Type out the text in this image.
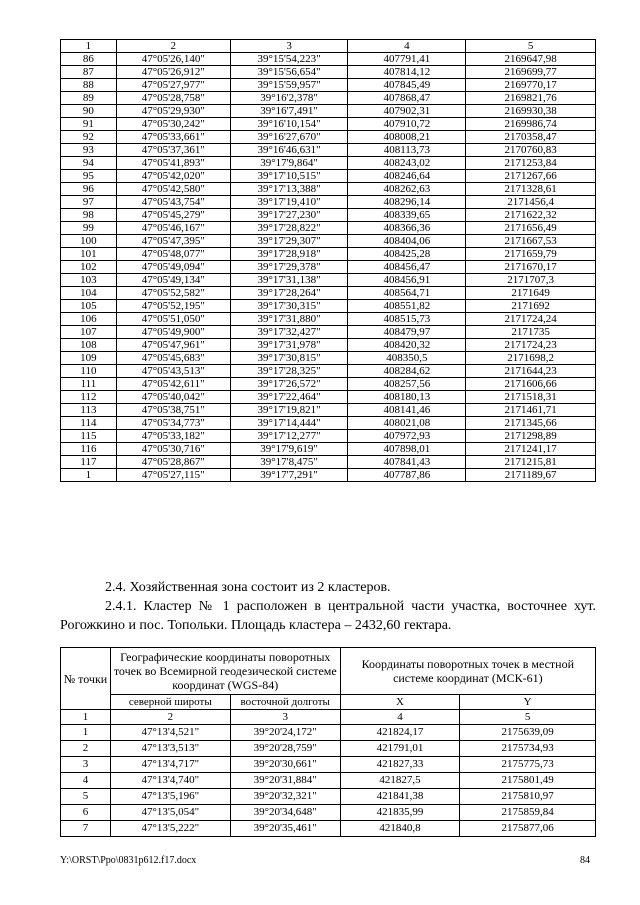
1	2	3	4	5
86	47°05'26,140"	39°15'54,223"	407791,41	2169647,98
87	47°05'26,912"	39°15'56,654"	407814,12	2169699,77
88	47°05'27,977"	39°15'59,957"	407845,49	2169770,17
89	47°05'28,758"	39°16'2,378"	407868,47	2169821,76
90	47°05'29,930"	39°16'7,491"	407902,31	2169930,38
91	47°05'30,242"	39°16'10,154"	407910,72	2169986,74
92	47°05'33,661"	39°16'27,670"	408008,21	2170358,47
93	47°05'37,361"	39°16'46,631"	408113,73	2170760,83
94	47°05'41,893"	39°17'9,864"	408243,02	2171253,84
95	47°05'42,020"	39°17'10,515"	408246,64	2171267,66
96	47°05'42,580"	39°17'13,388"	408262,63	2171328,61
97	47°05'43,754"	39°17'19,410"	408296,14	2171456,4
98	47°05'45,279"	39°17'27,230"	408339,65	2171622,32
99	47°05'46,167"	39°17'28,822"	408366,36	2171656,49
100	47°05'47,395"	39°17'29,307"	408404,06	2171667,53
101	47°05'48,077"	39°17'28,918"	408425,28	2171659,79
102	47°05'49,094"	39°17'29,378"	408456,47	2171670,17
103	47°05'49,134"	39°17'31,138"	408456,91	2171707,3
104	47°05'52,582"	39°17'28,264"	408564,71	2171649
105	47°05'52,195"	39°17'30,315"	408551,82	2171692
106	47°05'51,050"	39°17'31,880"	408515,73	2171724,24
107	47°05'49,900"	39°17'32,427"	408479,97	2171735
108	47°05'47,961"	39°17'31,978"	408420,32	2171724,23
109	47°05'45,683"	39°17'30,815"	408350,5	2171698,2
110	47°05'43,513"	39°17'28,325"	408284,62	2171644,23
111	47°05'42,611"	39°17'26,572"	408257,56	2171606,66
112	47°05'40,042"	39°17'22,464"	408180,13	2171518,31
113	47°05'38,751"	39°17'19,821"	408141,46	2171461,71
114	47°05'34,773"	39°17'14,444"	408021,08	2171345,66
115	47°05'33,182"	39°17'12,277"	407972,93	2171298,89
116	47°05'30,716"	39°17'9,619"	407898,01	2171241,17
117	47°05'28,867"	39°17'8,475"	407841,43	2171215,81
1	47°05'27,115"	39°17'7,291"	407787,86	2171189,67
2.4. Хозяйственная зона состоит из 2 кластеров.
2.4.1. Кластер № 1 расположен в центральной части участка, восточнее хут. Рогожкино и пос. Топольки. Площадь кластера – 2432,60 гектара.
№ точки	Географические координаты поворотных точек во Всемирной геодезической системе координат (WGS-84)		Координаты поворотных точек в местной системе координат (МСК-61)	
	северной широты	восточной долготы	X	Y
1	2	3	4	5
1	47°13'4,521"	39°20'24,172"	421824,17	2175639,09
2	47°13'3,513"	39°20'28,759"	421791,01	2175734,93
3	47°13'4,717"	39°20'30,661"	421827,33	2175775,73
4	47°13'4,740"	39°20'31,884"	421827,5	2175801,49
5	47°13'5,196"	39°20'32,321"	421841,38	2175810,97
6	47°13'5,054"	39°20'34,648"	421835,99	2175859,84
7	47°13'5,222"	39°20'35,461"	421840,8	2175877,06
Y:\ORST\Ppo\0831p612.f17.docx	84
